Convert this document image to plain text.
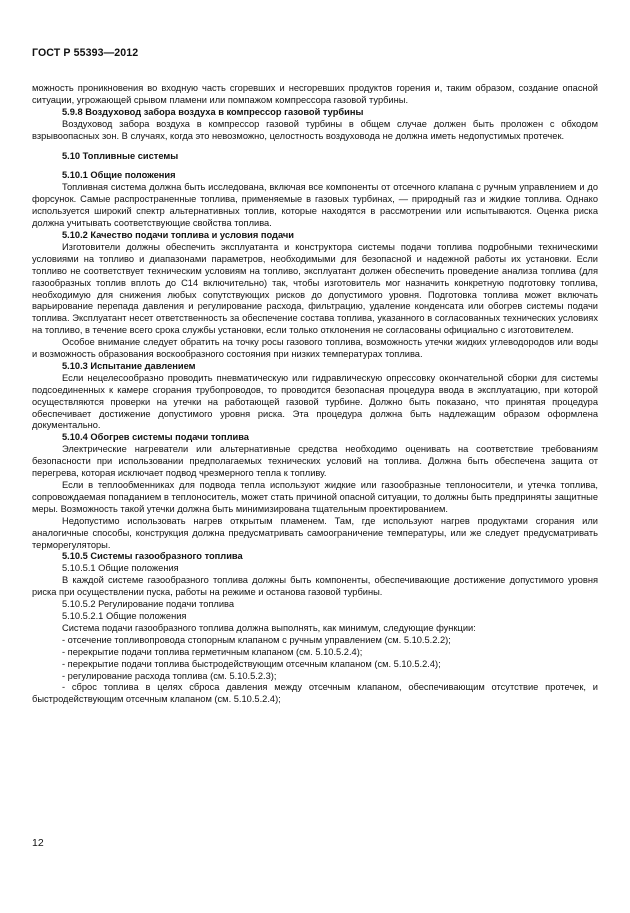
ГОСТ Р 55393—2012

можность проникновения во входную часть сгоревших и несгоревших продуктов горения и, таким образом, создание опасной ситуации, угрожающей срывом пламени или помпажом компрессора газовой турбины.

5.9.8 Воздуховод забора воздуха в компрессор газовой турбины

Воздуховод забора воздуха в компрессор газовой турбины в общем случае должен быть проложен с обходом взрывоопасных зон. В случаях, когда это невозможно, целостность воздуховода не должна иметь недопустимых протечек.

5.10 Топливные системы

5.10.1 Общие положения

Топливная система должна быть исследована, включая все компоненты от отсечного клапана с ручным управлением и до форсунок. Самые распространенные топлива, применяемые в газовых турбинах, — природный газ и жидкие топлива. Однако используется широкий спектр альтернативных топлив, которые находятся в рассмотрении или испытываются. Оценка риска должна учитывать соответствующие свойства топлива.

5.10.2 Качество подачи топлива и условия подачи

Изготовители должны обеспечить эксплуатанта и конструктора системы подачи топлива подробными техническими условиями на топливо и диапазонами параметров, необходимыми для безопасной и надежной работы их установки. Если топливо не соответствует техническим условиям на топливо, эксплуатант должен обеспечить проведение анализа топлива (для газообразных топлив вплоть до С14 включительно) так, чтобы изготовитель мог назначить конкретную подготовку топлива, необходимую для снижения любых сопутствующих рисков до допустимого уровня. Подготовка топлива может включать варьирование перепада давления и регулирование расхода, фильтрацию, удаление конденсата или обогрев системы подачи топлива. Эксплуатант несет ответственность за обеспечение состава топлива, указанного в согласованных технических условиях на топливо, в течение всего срока службы установки, если только отклонения не согласованы официально с изготовителем.

Особое внимание следует обратить на точку росы газового топлива, возможность утечки жидких углеводородов или воды и возможность образования воскообразного состояния при низких температурах топлива.

5.10.3 Испытание давлением

Если нецелесообразно проводить пневматическую или гидравлическую опрессовку окончательной сборки для системы подсоединенных к камере сгорания трубопроводов, то проводится безопасная процедура ввода в эксплуатацию, при которой осуществляются проверки на утечки на работающей газовой турбине. Должно быть показано, что принятая процедура обеспечивает достижение допустимого уровня риска. Эта процедура должна быть надлежащим образом оформлена документально.

5.10.4 Обогрев системы подачи топлива

Электрические нагреватели или альтернативные средства необходимо оценивать на соответствие требованиям безопасности при использовании предполагаемых технических условий на топлива. Должна быть обеспечена защита от перегрева, которая исключает подвод чрезмерного тепла к топливу.

Если в теплообменниках для подвода тепла используют жидкие или газообразные теплоносители, и утечка топлива, сопровождаемая попаданием в теплоноситель, может стать причиной опасной ситуации, то должны быть предприняты защитные меры. Возможность такой утечки должна быть минимизирована тщательным проектированием.

Недопустимо использовать нагрев открытым пламенем. Там, где используют нагрев продуктами сгорания или аналогичные способы, конструкция должна предусматривать самоограничение температуры, или же следует предусматривать терморегуляторы.

5.10.5 Системы газообразного топлива

5.10.5.1 Общие положения

В каждой системе газообразного топлива должны быть компоненты, обеспечивающие достижение допустимого уровня риска при осуществлении пуска, работы на режиме и останова газовой турбины.

5.10.5.2 Регулирование подачи топлива

5.10.5.2.1 Общие положения

Система подачи газообразного топлива должна выполнять, как минимум, следующие функции:

- отсечение топливопровода стопорным клапаном с ручным управлением (см. 5.10.5.2.2);

- перекрытие подачи топлива герметичным клапаном (см. 5.10.5.2.4);

- перекрытие подачи топлива быстродействующим отсечным клапаном (см. 5.10.5.2.4);

- регулирование расхода топлива (см. 5.10.5.2.3);

- сброс топлива в целях сброса давления между отсечным клапаном, обеспечивающим отсутствие протечек, и быстродействующим отсечным клапаном (см. 5.10.5.2.4);

12
